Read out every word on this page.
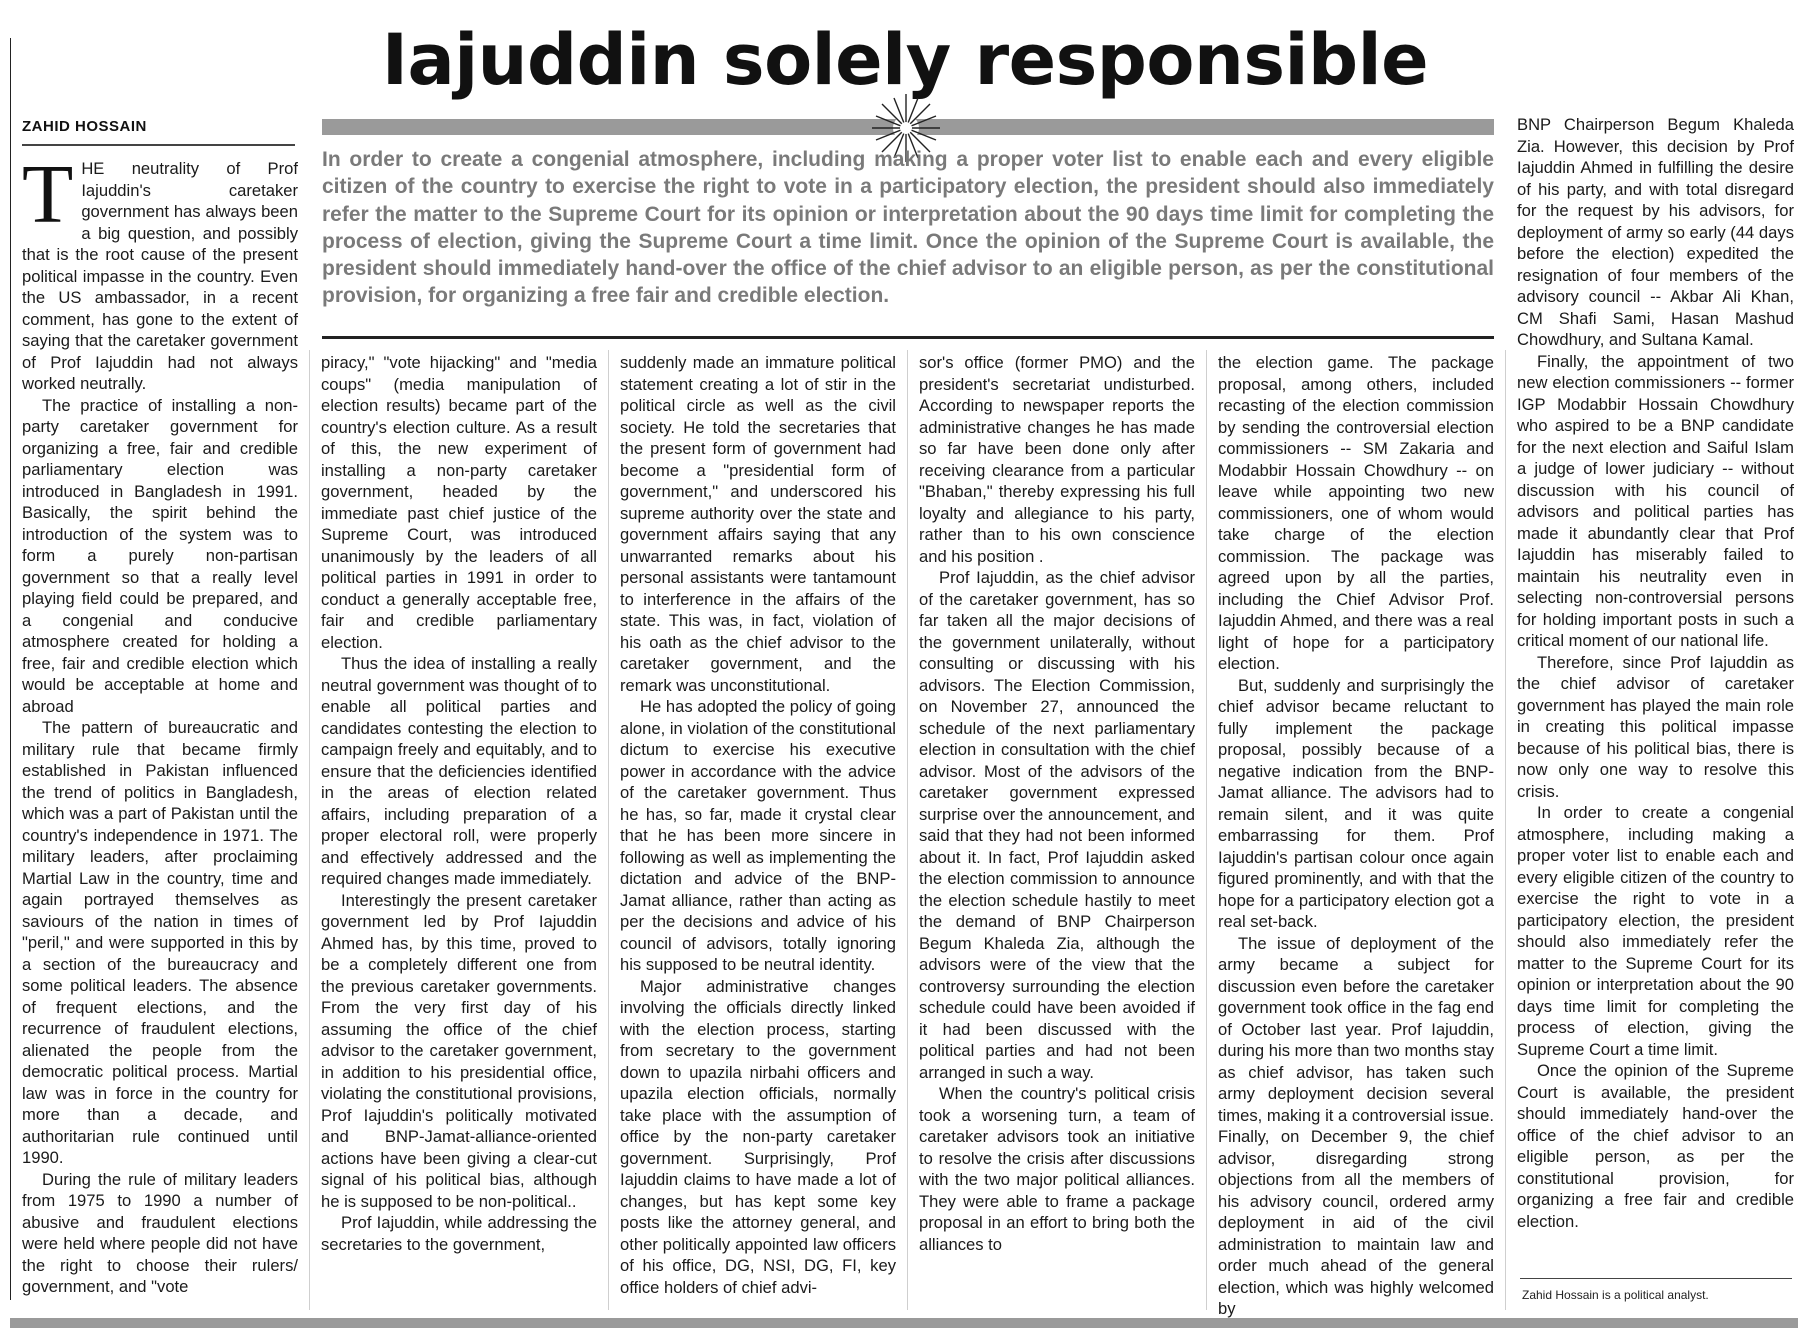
Iajuddin solely responsible
ZAHID HOSSAIN
In order to create a congenial atmosphere, including making a proper voter list to enable each and every eligible citizen of the country to exercise the right to vote in a participatory election, the president should also immediately refer the matter to the Supreme Court for its opinion or interpretation about the 90 days time limit for completing the process of election, giving the Supreme Court a time limit. Once the opinion of the Supreme Court is available, the president should immediately hand-over the office of the chief advisor to an eligible person, as per the constitutional provision, for organizing a free fair and credible election.

THE neutrality of Prof Iajuddin's caretaker government has always been a big question, and possibly that is the root cause of the present political impasse in the country. Even the US ambassador, in a recent comment, has gone to the extent of saying that the caretaker government of Prof Iajuddin had not always worked neutrally.

The practice of installing a non-party caretaker government for organizing a free, fair and credible parliamentary election was introduced in Bangladesh in 1991. Basically, the spirit behind the introduction of the system was to form a purely non-partisan government so that a really level playing field could be prepared, and a congenial and conducive atmosphere created for holding a free, fair and credible election which would be acceptable at home and abroad

The pattern of bureaucratic and military rule that became firmly established in Pakistan influenced the trend of politics in Bangladesh, which was a part of Pakistan until the country's independence in 1971. The military leaders, after proclaiming Martial Law in the country, time and again portrayed themselves as saviours of the nation in times of "peril," and were supported in this by a section of the bureaucracy and some political leaders. The absence of frequent elections, and the recurrence of fraudulent elections, alienated the people from the democratic political process. Martial law was in force in the country for more than a decade, and authoritarian rule continued until 1990.

During the rule of military leaders from 1975 to 1990 a number of abusive and fraudulent elections were held where people did not have the right to choose their rulers/ government, and "vote

piracy," "vote hijacking" and "media coups" (media manipulation of election results) became part of the country's election culture. As a result of this, the new experiment of installing a non-party caretaker government, headed by the immediate past chief justice of the Supreme Court, was introduced unanimously by the leaders of all political parties in 1991 in order to conduct a generally acceptable free, fair and credible parliamentary election.

Thus the idea of installing a really neutral government was thought of to enable all political parties and candidates contesting the election to campaign freely and equitably, and to ensure that the deficiencies identified in the areas of election related affairs, including preparation of a proper electoral roll, were properly and effectively addressed and the required changes made immediately.

Interestingly the present caretaker government led by Prof Iajuddin Ahmed has, by this time, proved to be a completely different one from the previous caretaker governments. From the very first day of his assuming the office of the chief advisor to the caretaker government, in addition to his presidential office, violating the constitutional provisions, Prof Iajuddin's politically motivated and BNP-Jamat-alliance-oriented actions have been giving a clear-cut signal of his political bias, although he is supposed to be non-political..

Prof Iajuddin, while addressing the secretaries to the government,

suddenly made an immature political statement creating a lot of stir in the political circle as well as the civil society. He told the secretaries that the present form of government had become a "presidential form of government," and underscored his supreme authority over the state and government affairs saying that any unwarranted remarks about his personal assistants were tantamount to interference in the affairs of the state. This was, in fact, violation of his oath as the chief advisor to the caretaker government, and the remark was unconstitutional.

He has adopted the policy of going alone, in violation of the constitutional dictum to exercise his executive power in accordance with the advice of the caretaker government. Thus he has, so far, made it crystal clear that he has been more sincere in following as well as implementing the dictation and advice of the BNP-Jamat alliance, rather than acting as per the decisions and advice of his council of advisors, totally ignoring his supposed to be neutral identity.

Major administrative changes involving the officials directly linked with the election process, starting from secretary to the government down to upazila nirbahi officers and upazila election officials, normally take place with the assumption of office by the non-party caretaker government. Surprisingly, Prof Iajuddin claims to have made a lot of changes, but has kept some key posts like the attorney general, and other politically appointed law officers of his office, DG, NSI, DG, FI, key office holders of chief advi-

sor's office (former PMO) and the president's secretariat undisturbed. According to newspaper reports the administrative changes he has made so far have been done only after receiving clearance from a particular "Bhaban," thereby expressing his full loyalty and allegiance to his party, rather than to his own conscience and his position .

Prof Iajuddin, as the chief advisor of the caretaker government, has so far taken all the major decisions of the government unilaterally, without consulting or discussing with his advisors. The Election Commission, on November 27, announced the schedule of the next parliamentary election in consultation with the chief advisor. Most of the advisors of the caretaker government expressed surprise over the announcement, and said that they had not been informed about it. In fact, Prof Iajuddin asked the election commission to announce the election schedule hastily to meet the demand of BNP Chairperson Begum Khaleda Zia, although the advisors were of the view that the controversy surrounding the election schedule could have been avoided if it had been discussed with the political parties and had not been arranged in such a way.

When the country's political crisis took a worsening turn, a team of caretaker advisors took an initiative to resolve the crisis after discussions with the two major political alliances. They were able to frame a package proposal in an effort to bring both the alliances to

the election game. The package proposal, among others, included recasting of the election commission by sending the controversial election commissioners -- SM Zakaria and Modabbir Hossain Chowdhury -- on leave while appointing two new commissioners, one of whom would take charge of the election commission. The package was agreed upon by all the parties, including the Chief Advisor Prof. Iajuddin Ahmed, and there was a real light of hope for a participatory election.

But, suddenly and surprisingly the chief advisor became reluctant to fully implement the package proposal, possibly because of a negative indication from the BNP-Jamat alliance. The advisors had to remain silent, and it was quite embarrassing for them. Prof Iajuddin's partisan colour once again figured prominently, and with that the hope for a participatory election got a real set-back.

The issue of deployment of the army became a subject for discussion even before the caretaker government took office in the fag end of October last year. Prof Iajuddin, during his more than two months stay as chief advisor, has taken such army deployment decision several times, making it a controversial issue. Finally, on December 9, the chief advisor, disregarding strong objections from all the members of his advisory council, ordered army deployment in aid of the civil administration to maintain law and order much ahead of the general election, which was highly welcomed by

BNP Chairperson Begum Khaleda Zia. However, this decision by Prof Iajuddin Ahmed in fulfilling the desire of his party, and with total disregard for the request by his advisors, for deployment of army so early (44 days before the election) expedited the resignation of four members of the advisory council -- Akbar Ali Khan, CM Shafi Sami, Hasan Mashud Chowdhury, and Sultana Kamal.

Finally, the appointment of two new election commissioners -- former IGP Modabbir Hossain Chowdhury who aspired to be a BNP candidate for the next election and Saiful Islam a judge of lower judiciary -- without discussion with his council of advisors and political parties has made it abundantly clear that Prof Iajuddin has miserably failed to maintain his neutrality even in selecting non-controversial persons for holding important posts in such a critical moment of our national life.

Therefore, since Prof Iajuddin as the chief advisor of caretaker government has played the main role in creating this political impasse because of his political bias, there is now only one way to resolve this crisis.

In order to create a congenial atmosphere, including making a proper voter list to enable each and every eligible citizen of the country to exercise the right to vote in a participatory election, the president should also immediately refer the matter to the Supreme Court for its opinion or interpretation about the 90 days time limit for completing the process of election, giving the Supreme Court a time limit.

Once the opinion of the Supreme Court is available, the president should immediately hand-over the office of the chief advisor to an eligible person, as per the constitutional provision, for organizing a free fair and credible election.

Zahid Hossain is a political analyst.
